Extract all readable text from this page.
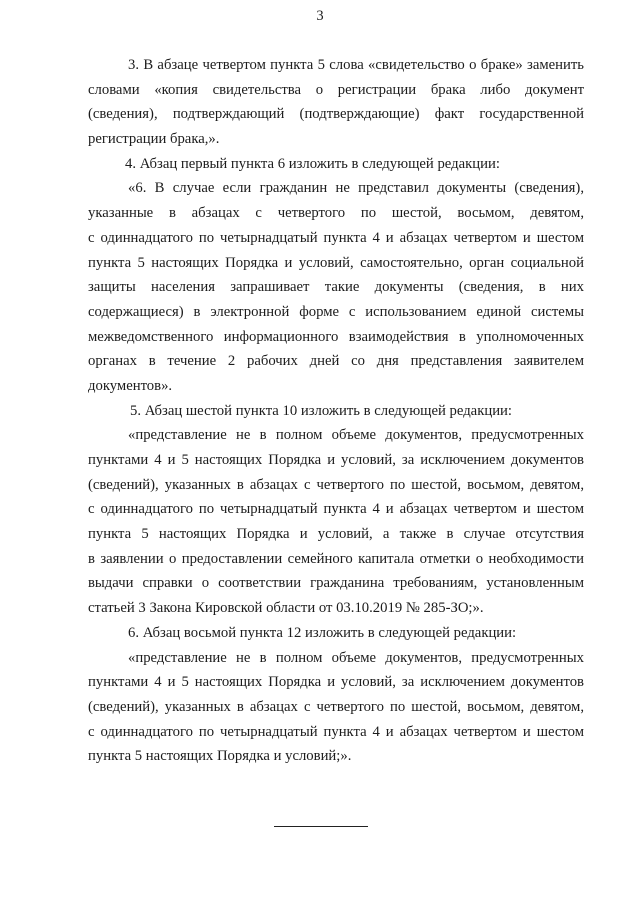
3
3. В абзаце четвертом пункта 5 слова «свидетельство о браке» заменить
словами «копия свидетельства о регистрации брака либо документ
(сведения), подтверждающий (подтверждающие) факт государственной
регистрации брака,».
4. Абзац первый пункта 6 изложить в следующей редакции:
«6. В случае если гражданин не представил документы (сведения),
указанные в абзацах с четвертого по шестой, восьмом, девятом,
с одиннадцатого по четырнадцатый пункта 4 и абзацах четвертом и шестом
пункта 5 настоящих Порядка и условий, самостоятельно, орган социальной
защиты населения запрашивает такие документы (сведения, в них
содержащиеся) в электронной форме с использованием единой системы
межведомственного информационного взаимодействия в уполномоченных
органах в течение 2 рабочих дней со дня представления заявителем
документов».
5. Абзац шестой пункта 10 изложить в следующей редакции:
«представление не в полном объеме документов, предусмотренных
пунктами 4 и 5 настоящих Порядка и условий, за исключением документов
(сведений), указанных в абзацах с четвертого по шестой, восьмом, девятом,
с одиннадцатого по четырнадцатый пункта 4 и абзацах четвертом и шестом
пункта 5 настоящих Порядка и условий, а также в случае отсутствия
в заявлении о предоставлении семейного капитала отметки о необходимости
выдачи справки о соответствии гражданина требованиям, установленным
статьей 3 Закона Кировской области от 03.10.2019 № 285-ЗО;».
6. Абзац восьмой пункта 12 изложить в следующей редакции:
«представление не в полном объеме документов, предусмотренных
пунктами 4 и 5 настоящих Порядка и условий, за исключением документов
(сведений), указанных в абзацах с четвертого по шестой, восьмом, девятом,
с одиннадцатого по четырнадцатый пункта 4 и абзацах четвертом и шестом
пункта 5 настоящих Порядка и условий;».
